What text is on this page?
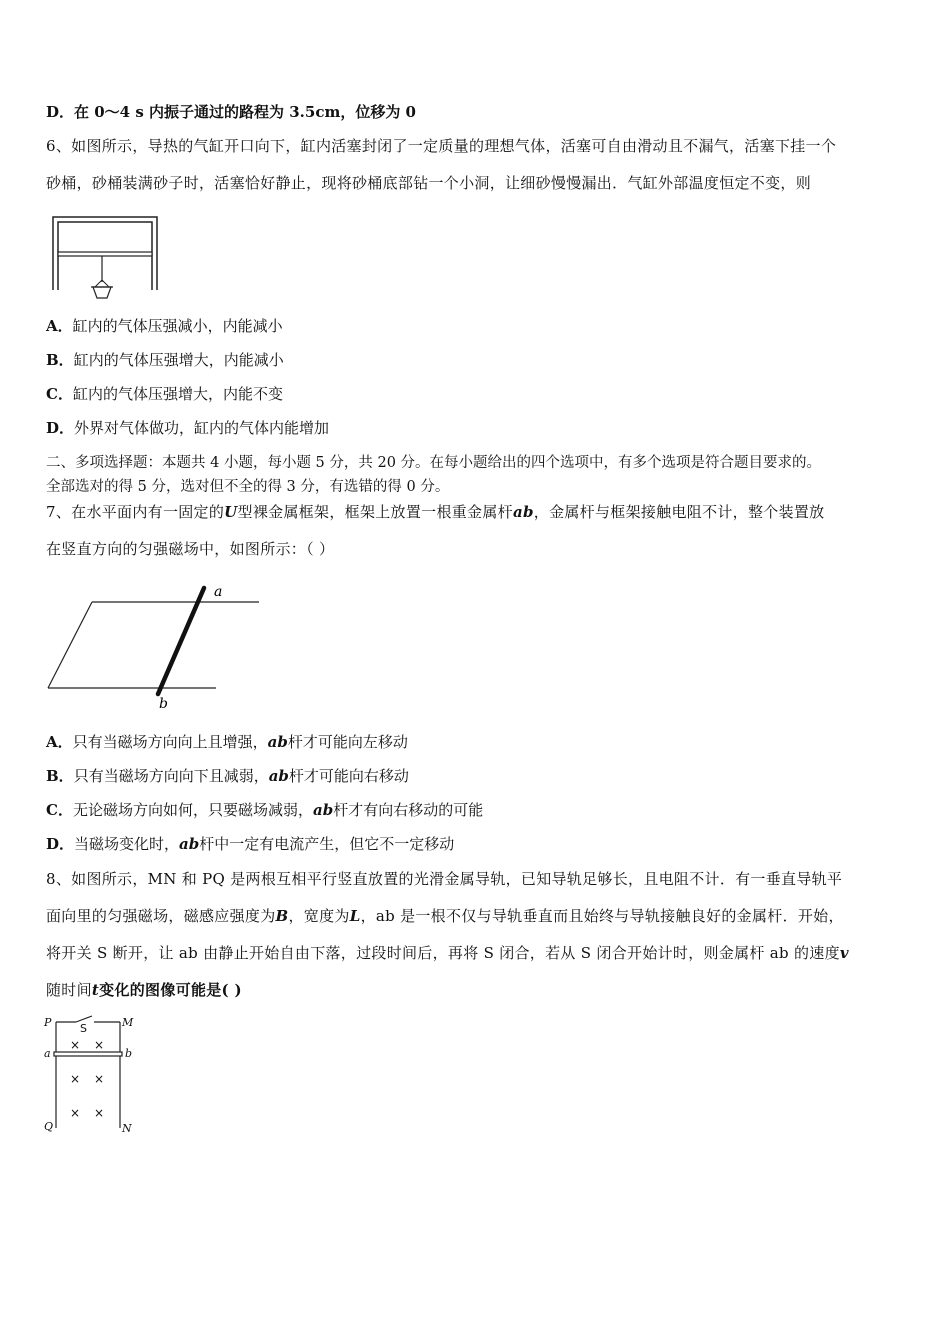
D．在 0～4 s 内振子通过的路程为 3.5cm，位移为 0
6、如图所示，导热的气缸开口向下，缸内活塞封闭了一定质量的理想气体，活塞可自由滑动且不漏气，活塞下挂一个
砂桶，砂桶装满砂子时，活塞恰好静止，现将砂桶底部钻一个小洞，让细砂慢慢漏出．气缸外部温度恒定不变，则
A．缸内的气体压强减小，内能减小
B．缸内的气体压强增大，内能减小
C．缸内的气体压强增大，内能不变
D．外界对气体做功，缸内的气体内能增加
二、多项选择题：本题共 4 小题，每小题 5 分，共 20 分。在每小题给出的四个选项中，有多个选项是符合题目要求的。
全部选对的得 5 分，选对但不全的得 3 分，有选错的得 0 分。
7、在水平面内有一固定的U型裸金属框架，框架上放置一根重金属杆ab，金属杆与框架接触电阻不计，整个装置放
在竖直方向的匀强磁场中，如图所示：（ ）
a
b
A．只有当磁场方向向上且增强，ab杆才可能向左移动
B．只有当磁场方向向下且减弱，ab杆才可能向右移动
C．无论磁场方向如何，只要磁场减弱，ab杆才有向右移动的可能
D．当磁场变化时，ab杆中一定有电流产生，但它不一定移动
8、如图所示，MN 和 PQ 是两根互相平行竖直放置的光滑金属导轨，已知导轨足够长，且电阻不计．有一垂直导轨平
面向里的匀强磁场，磁感应强度为B，宽度为L，ab 是一根不仅与导轨垂直而且始终与导轨接触良好的金属杆．开始，
将开关 S 断开，让 ab 由静止开始自由下落，过段时间后，再将 S 闭合，若从 S 闭合开始计时，则金属杆 ab 的速度v
随时间t变化的图像可能是( )
P	M
a	b
Q	N
S
× ×
× ×
× ×
